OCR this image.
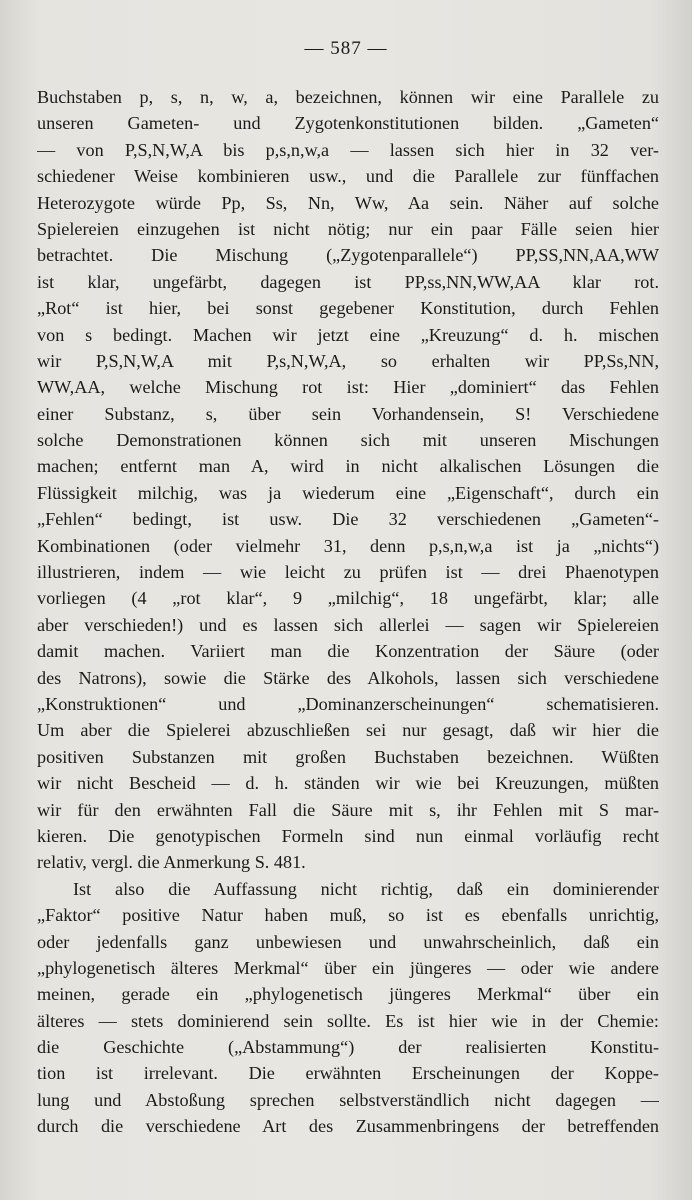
— 587 —
Buchstaben p, s, n, w, a, bezeichnen, können wir eine Parallele zu
unseren Gameten- und Zygotenkonstitutionen bilden. „Gameten“
— von P,S,N,W,A bis p,s,n,w,a — lassen sich hier in 32 ver-
schiedener Weise kombinieren usw., und die Parallele zur fünffachen
Heterozygote würde Pp, Ss, Nn, Ww, Aa sein. Näher auf solche
Spielereien einzugehen ist nicht nötig; nur ein paar Fälle seien hier
betrachtet. Die Mischung („Zygotenparallele“) PP,SS,NN,AA,WW
ist klar, ungefärbt, dagegen ist PP,ss,NN,WW,AA klar rot.
„Rot“ ist hier, bei sonst gegebener Konstitution, durch Fehlen
von s bedingt. Machen wir jetzt eine „Kreuzung“ d. h. mischen
wir P,S,N,W,A mit P,s,N,W,A, so erhalten wir PP,Ss,NN,
WW,AA, welche Mischung rot ist: Hier „dominiert“ das Fehlen
einer Substanz, s, über sein Vorhandensein, S! Verschiedene
solche Demonstrationen können sich mit unseren Mischungen
machen; entfernt man A, wird in nicht alkalischen Lösungen die
Flüssigkeit milchig, was ja wiederum eine „Eigenschaft“, durch ein
„Fehlen“ bedingt, ist usw. Die 32 verschiedenen „Gameten“-
Kombinationen (oder vielmehr 31, denn p,s,n,w,a ist ja „nichts“)
illustrieren, indem — wie leicht zu prüfen ist — drei Phaenotypen
vorliegen (4 „rot klar“, 9 „milchig“, 18 ungefärbt, klar; alle
aber verschieden!) und es lassen sich allerlei — sagen wir Spielereien
damit machen. Variiert man die Konzentration der Säure (oder
des Natrons), sowie die Stärke des Alkohols, lassen sich verschiedene
„Konstruktionen“ und „Dominanzerscheinungen“ schematisieren.
Um aber die Spielerei abzuschließen sei nur gesagt, daß wir hier die
positiven Substanzen mit großen Buchstaben bezeichnen. Wüßten
wir nicht Bescheid — d. h. ständen wir wie bei Kreuzungen, müßten
wir für den erwähnten Fall die Säure mit s, ihr Fehlen mit S mar-
kieren. Die genotypischen Formeln sind nun einmal vorläufig recht
relativ, vergl. die Anmerkung S. 481.
Ist also die Auffassung nicht richtig, daß ein dominierender
„Faktor“ positive Natur haben muß, so ist es ebenfalls unrichtig,
oder jedenfalls ganz unbewiesen und unwahrscheinlich, daß ein
„phylogenetisch älteres Merkmal“ über ein jüngeres — oder wie andere
meinen, gerade ein „phylogenetisch jüngeres Merkmal“ über ein
älteres — stets dominierend sein sollte. Es ist hier wie in der Chemie:
die Geschichte („Abstammung“) der realisierten Konstitu-
tion ist irrelevant. Die erwähnten Erscheinungen der Koppe-
lung und Abstoßung sprechen selbstverständlich nicht dagegen —
durch die verschiedene Art des Zusammenbringens der betreffenden
